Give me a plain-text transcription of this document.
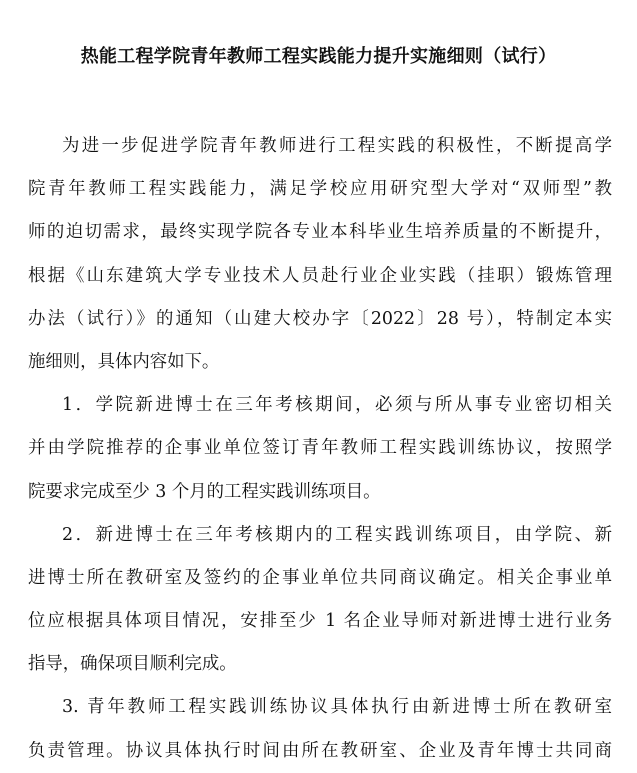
热能工程学院青年教师工程实践能力提升实施细则（试行）
为进一步促进学院青年教师进行工程实践的积极性，不断提高学
院青年教师工程实践能力，满足学校应用研究型大学对“双师型”教
师的迫切需求，最终实现学院各专业本科毕业生培养质量的不断提升，
根据《山东建筑大学专业技术人员赴行业企业实践（挂职）锻炼管理
办法（试行）》的通知（山建大校办字〔2022〕28 号），特制定本实
施细则，具体内容如下。
1．学院新进博士在三年考核期间，必须与所从事专业密切相关
并由学院推荐的企事业单位签订青年教师工程实践训练协议，按照学
院要求完成至少 3 个月的工程实践训练项目。
2．新进博士在三年考核期内的工程实践训练项目，由学院、新
进博士所在教研室及签约的企事业单位共同商议确定。相关企事业单
位应根据具体项目情况，安排至少 1 名企业导师对新进博士进行业务
指导，确保项目顺利完成。
3. 青年教师工程实践训练协议具体执行由新进博士所在教研室
负责管理。协议具体执行时间由所在教研室、企业及青年博士共同商
